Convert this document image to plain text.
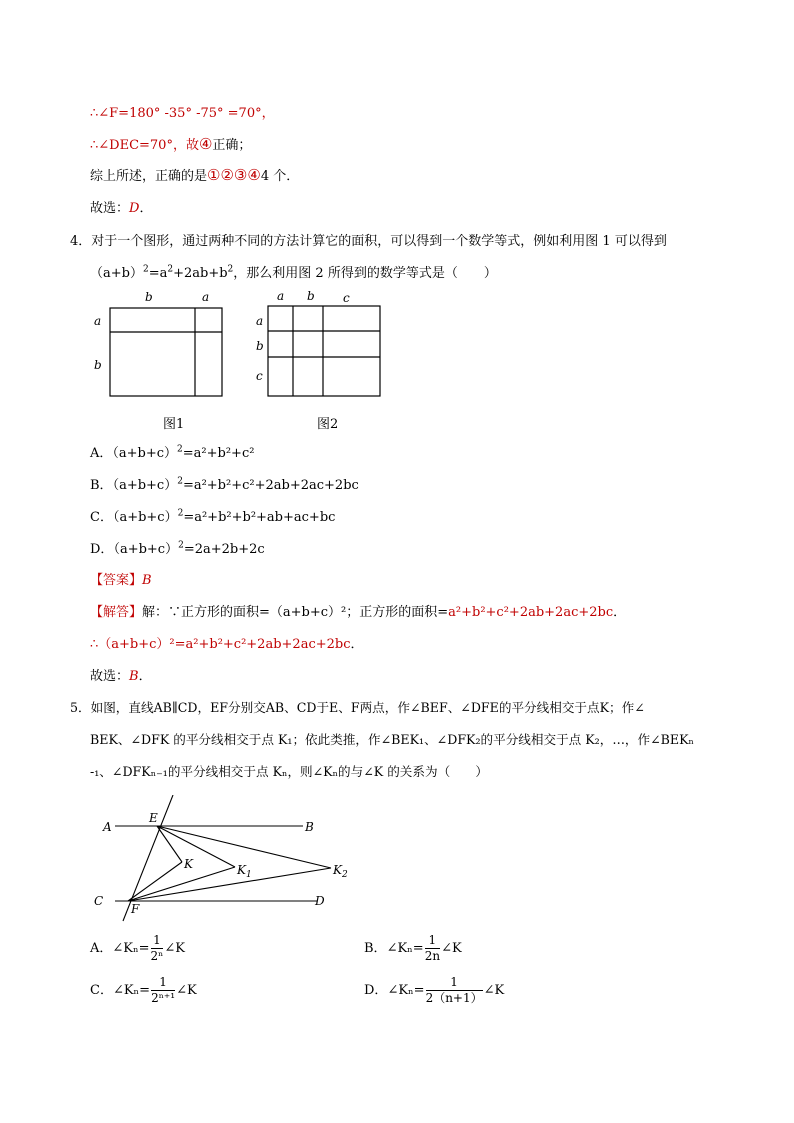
∴∠F=180° -35° -75° =70°，
∴∠DEC=70°，故④正确；
综上所述，正确的是①②③④4 个．
故选：D．
4．对于一个图形，通过两种不同的方法计算它的面积，可以得到一个数学等式，例如利用图 1 可以得到
$(a+b)^2=a^2+2ab+b^2$，那么利用图 2 所得到的数学等式是（　　）
b	a
a
b
图1
a b c
a
b
c
图2
A．$(a+b+c)^2=a^2+b^2+c^2$
B．$(a+b+c)^2=a^2+b^2+c^2+2ab+2ac+2bc$
C．$(a+b+c)^2=a^2+b^2+b^2+ab+ac+bc$
D．$(a+b+c)^2=2a+2b+2c$
【答案】B
【解答】解：∵正方形的面积=（a+b+c）²；正方形的面积=a²+b²+c²+2ab+2ac+2bc．
∴（a+b+c）²=a²+b²+c²+2ab+2ac+2bc．
故选：B．
5．如图，直线AB∥CD，EF分别交AB、CD于E、F两点，作∠BEF、∠DFE的平分线相交于点K；作∠
BEK、∠DFK 的平分线相交于点 K₁；依此类推，作∠BEK₁、∠DFK₂的平分线相交于点 K₂，…，作∠BEKₙ
-₁、∠DFKₙ₋₁的平分线相交于点 Kₙ，则∠Kₙ的与∠K 的关系为（　　）
A	B
C	D
E
F
K	$K_1$	$K_2$
A．∠Kₙ= $\frac{1}{\text{2ⁿ}}$ ∠K	B．∠Kₙ= $\frac{1}{2n}$ ∠K
C．∠Kₙ= $\frac{1}{\text{2ⁿ⁺¹}}$ ∠K	D．∠Kₙ= $\frac{1}{2(n+1)}$ ∠K
